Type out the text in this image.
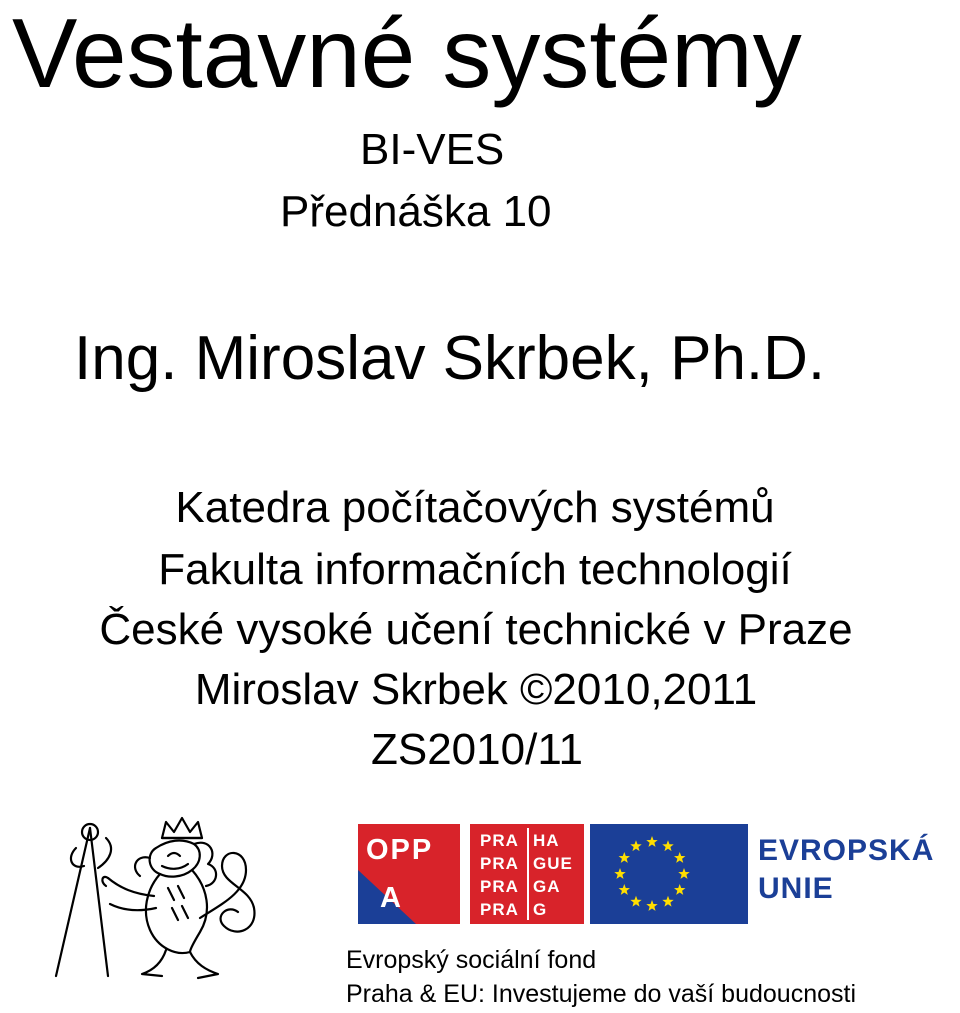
Vestavné systémy
BI-VES
Přednáška 10
Ing. Miroslav Skrbek, Ph.D.
Katedra počítačových systémů
Fakulta informačních technologií
České vysoké učení technické v Praze
Miroslav Skrbek ©2010,2011
ZS2010/11
OPP
A
PRA
PRA
PRA
PRA
HA
GUE
GA
G
EVROPSKÁ
UNIE
Evropský sociální fond
Praha & EU: Investujeme do vaší budoucnosti
